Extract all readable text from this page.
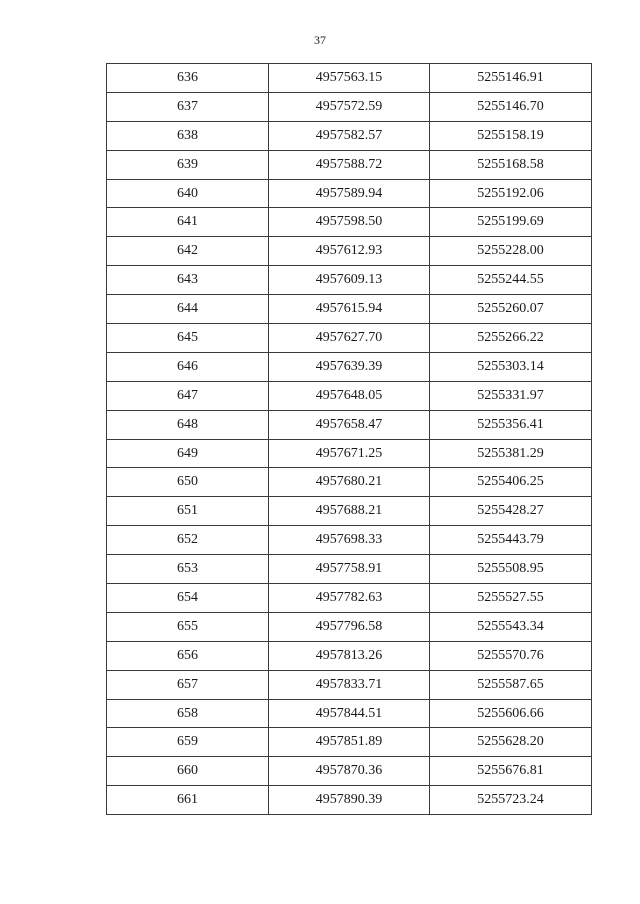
37
636	4957563.15	5255146.91
637	4957572.59	5255146.70
638	4957582.57	5255158.19
639	4957588.72	5255168.58
640	4957589.94	5255192.06
641	4957598.50	5255199.69
642	4957612.93	5255228.00
643	4957609.13	5255244.55
644	4957615.94	5255260.07
645	4957627.70	5255266.22
646	4957639.39	5255303.14
647	4957648.05	5255331.97
648	4957658.47	5255356.41
649	4957671.25	5255381.29
650	4957680.21	5255406.25
651	4957688.21	5255428.27
652	4957698.33	5255443.79
653	4957758.91	5255508.95
654	4957782.63	5255527.55
655	4957796.58	5255543.34
656	4957813.26	5255570.76
657	4957833.71	5255587.65
658	4957844.51	5255606.66
659	4957851.89	5255628.20
660	4957870.36	5255676.81
661	4957890.39	5255723.24
